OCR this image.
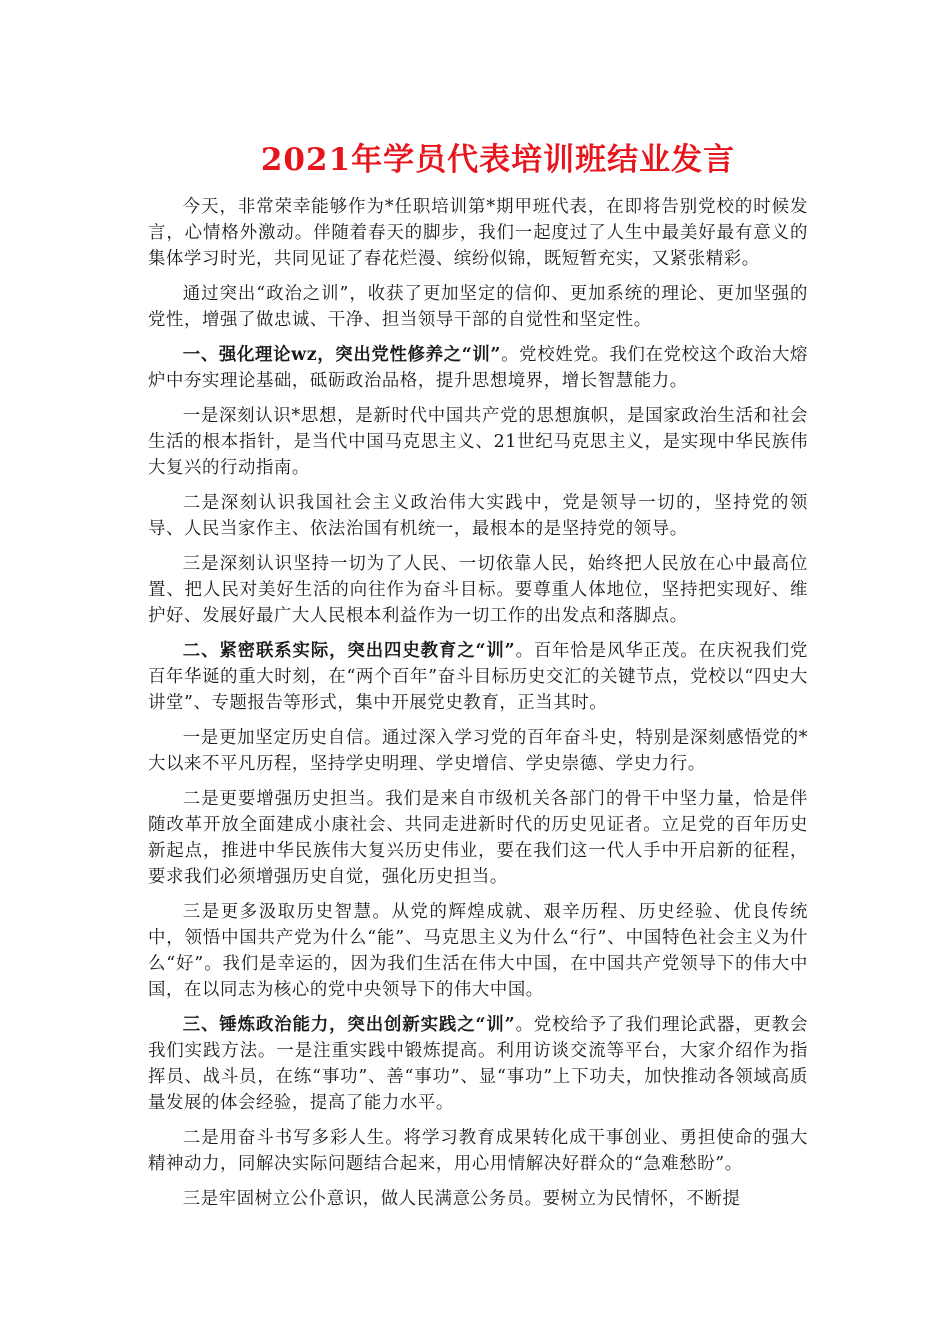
2021年学员代表培训班结业发言

今天，非常荣幸能够作为*任职培训第*期甲班代表，在即将告别党校的时候发言，心情格外激动。伴随着春天的脚步，我们一起度过了人生中最美好最有意义的集体学习时光，共同见证了春花烂漫、缤纷似锦，既短暂充实，又紧张精彩。

通过突出“政治之训”，收获了更加坚定的信仰、更加系统的理论、更加坚强的党性，增强了做忠诚、干净、担当领导干部的自觉性和坚定性。

一、强化理论wz，突出党性修养之“训”。党校姓党。我们在党校这个政治大熔炉中夯实理论基础，砥砺政治品格，提升思想境界，增长智慧能力。

一是深刻认识*思想，是新时代中国共产党的思想旗帜，是国家政治生活和社会生活的根本指针，是当代中国马克思主义、21世纪马克思主义，是实现中华民族伟大复兴的行动指南。

二是深刻认识我国社会主义政治伟大实践中，党是领导一切的，坚持党的领导、人民当家作主、依法治国有机统一，最根本的是坚持党的领导。

三是深刻认识坚持一切为了人民、一切依靠人民，始终把人民放在心中最高位置、把人民对美好生活的向往作为奋斗目标。要尊重人体地位，坚持把实现好、维护好、发展好最广大人民根本利益作为一切工作的出发点和落脚点。

二、紧密联系实际，突出四史教育之“训”。百年恰是风华正茂。在庆祝我们党百年华诞的重大时刻，在“两个百年”奋斗目标历史交汇的关键节点，党校以“四史大讲堂”、专题报告等形式，集中开展党史教育，正当其时。

一是更加坚定历史自信。通过深入学习党的百年奋斗史，特别是深刻感悟党的*大以来不平凡历程，坚持学史明理、学史增信、学史崇德、学史力行。

二是更要增强历史担当。我们是来自市级机关各部门的骨干中坚力量，恰是伴随改革开放全面建成小康社会、共同走进新时代的历史见证者。立足党的百年历史新起点，推进中华民族伟大复兴历史伟业，要在我们这一代人手中开启新的征程，要求我们必须增强历史自觉，强化历史担当。

三是更多汲取历史智慧。从党的辉煌成就、艰辛历程、历史经验、优良传统中，领悟中国共产党为什么“能”、马克思主义为什么“行”、中国特色社会主义为什么“好”。我们是幸运的，因为我们生活在伟大中国，在中国共产党领导下的伟大中国，在以同志为核心的党中央领导下的伟大中国。

三、锤炼政治能力，突出创新实践之“训”。党校给予了我们理论武器，更教会我们实践方法。一是注重实践中锻炼提高。利用访谈交流等平台，大家介绍作为指挥员、战斗员，在练“事功”、善“事功”、显“事功”上下功夫，加快推动各领域高质量发展的体会经验，提高了能力水平。

二是用奋斗书写多彩人生。将学习教育成果转化成干事创业、勇担使命的强大精神动力，同解决实际问题结合起来，用心用情解决好群众的“急难愁盼”。

三是牢固树立公仆意识，做人民满意公务员。要树立为民情怀，不断提
